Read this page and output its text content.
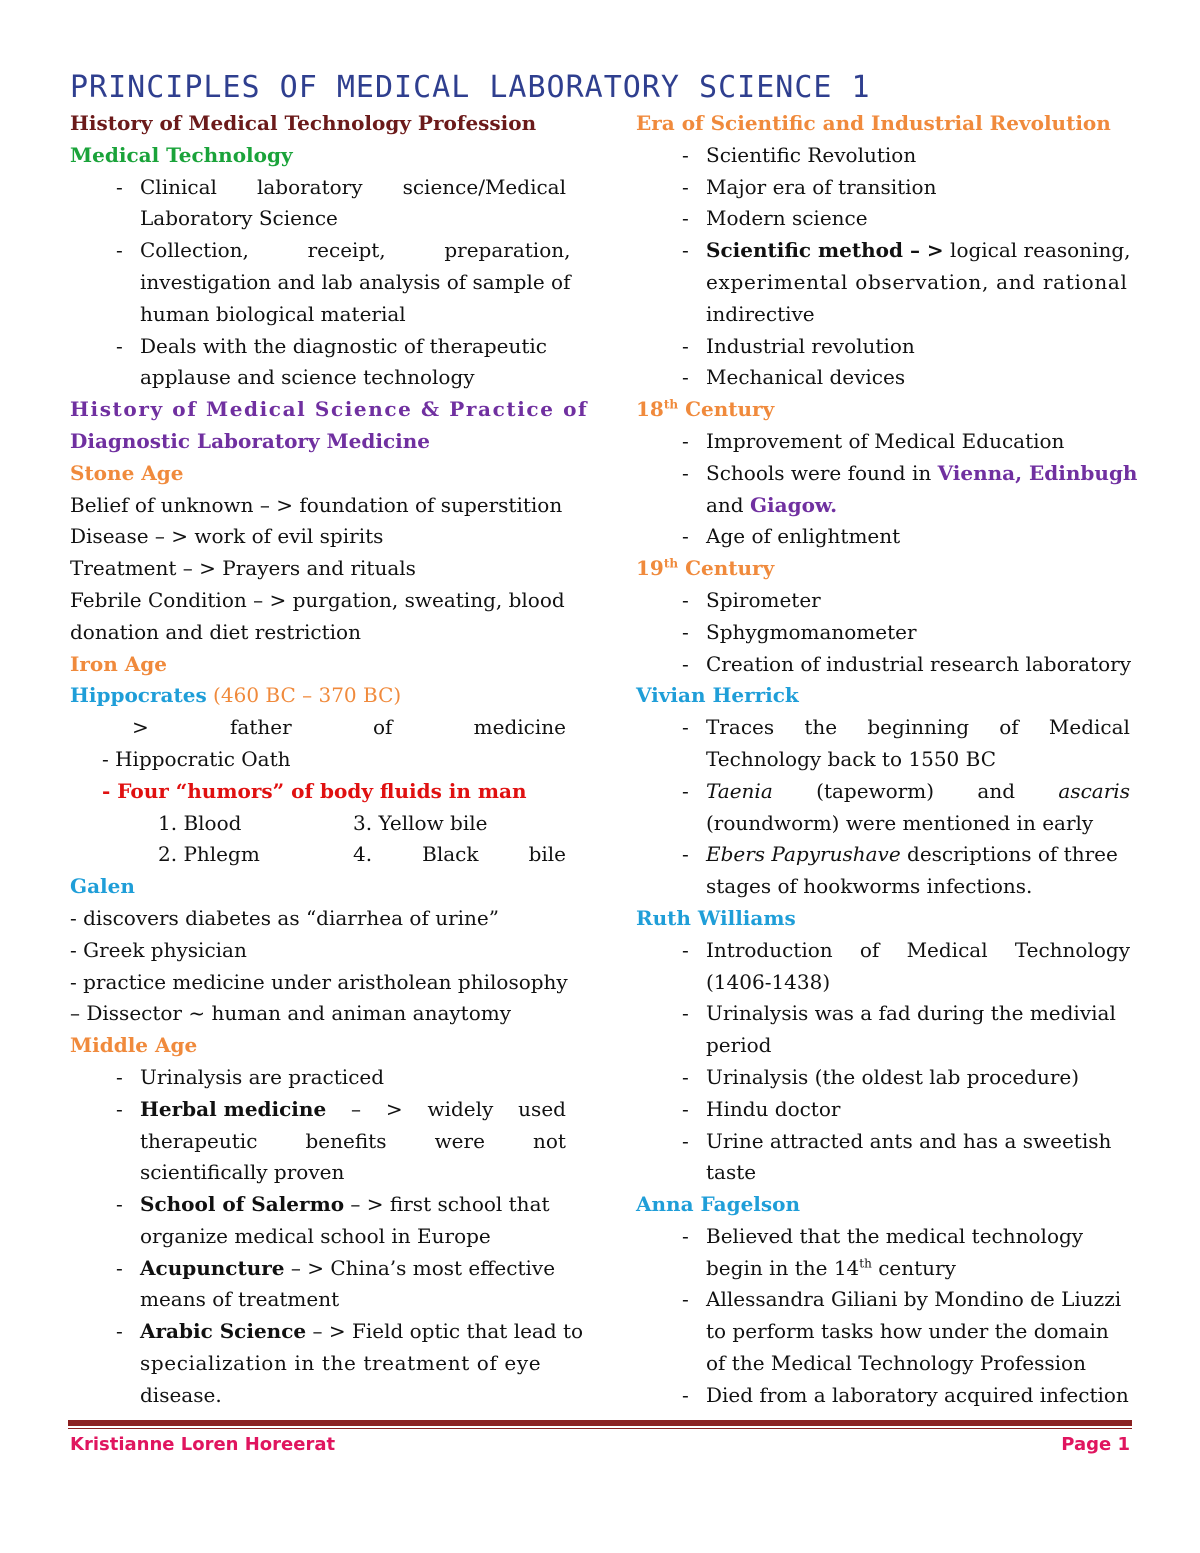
PRINCIPLES OF MEDICAL LABORATORY SCIENCE 1
History of Medical Technology Profession
Medical Technology
- Clinical laboratory science/Medical
Laboratory Science
- Collection,	receipt,	preparation,
investigation and lab analysis of sample of
human biological material
- Deals with the diagnostic of therapeutic
applause and science technology
History of Medical Science & Practice of
Diagnostic Laboratory Medicine
Stone Age
Belief of unknown – > foundation of superstition
Disease – > work of evil spirits
Treatment – > Prayers and rituals
Febrile Condition – > purgation, sweating, blood
donation and diet restriction
Iron Age
Hippocrates (460 BC – 370 BC)
>	father	of	medicine
- Hippocratic Oath
- Four “humors” of body fluids in man
1. Blood	3. Yellow bile
2. Phlegm	4.	Black	bile
Galen
- discovers diabetes as “diarrhea of urine”
- Greek physician
- practice medicine under aristholean philosophy
– Dissector ~ human and animan anaytomy
Middle Age
- Urinalysis are practiced
- Herbal medicine – > widely used
therapeutic benefits were not
scientifically proven
- School of Salermo – > first school that
organize medical school in Europe
- Acupuncture – > China’s most effective
means of treatment
- Arabic Science – > Field optic that lead to
specialization in the treatment of eye
disease.
Era of Scientific and Industrial Revolution
- Scientific Revolution
- Major era of transition
- Modern science
- Scientific method – > logical reasoning,
experimental observation, and rational
indirective
- Industrial revolution
- Mechanical devices
18th Century
- Improvement of Medical Education
- Schools were found in Vienna, Edinbugh
and Giagow.
- Age of enlightment
19th Century
- Spirometer
- Sphygmomanometer
- Creation of industrial research laboratory
Vivian Herrick
- Traces the beginning of Medical
Technology back to 1550 BC
- Taenia (tapeworm) and ascaris
(roundworm) were mentioned in early
- Ebers Papyrushave descriptions of three
stages of hookworms infections.
Ruth Williams
- Introduction of Medical Technology
(1406-1438)
- Urinalysis was a fad during the medivial
period
- Urinalysis (the oldest lab procedure)
- Hindu doctor
- Urine attracted ants and has a sweetish
taste
Anna Fagelson
- Believed that the medical technology
begin in the 14th century
- Allessandra Giliani by Mondino de Liuzzi
to perform tasks how under the domain
of the Medical Technology Profession
- Died from a laboratory acquired infection
Kristianne Loren Horeerat	Page 1
